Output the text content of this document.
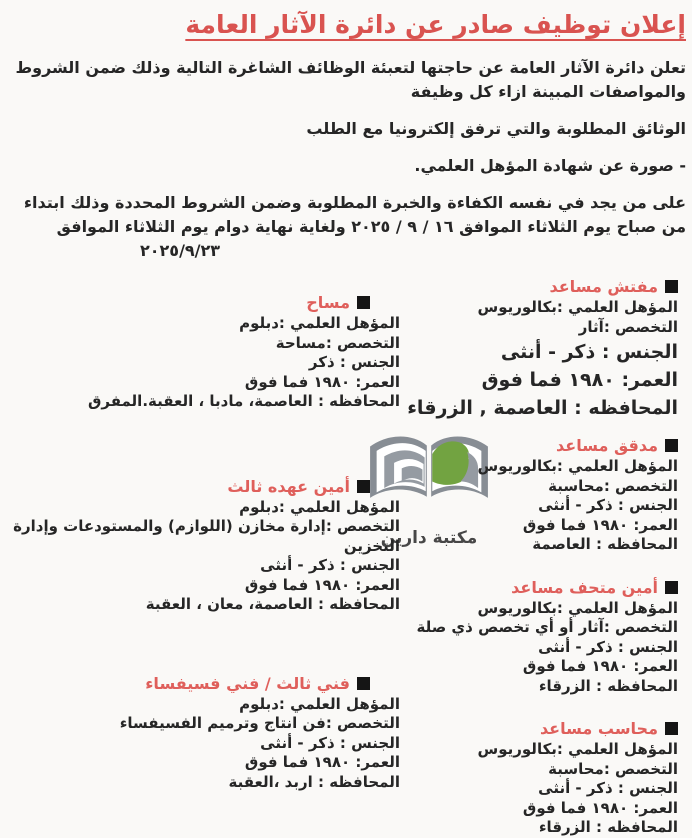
مكتبة دارين
إعلان توظيف صادر عن دائرة الآثار العامة
تعلن دائرة الآثار العامة عن حاجتها لتعبئة الوظائف الشاغرة التالية وذلك ضمن الشروط
والمواصفات المبينة ازاء كل وظيفة
الوثائق المطلوبة والتي ترفق إلكترونيا مع الطلب
- صورة عن شهادة المؤهل العلمي.
على من يجد في نفسه الكفاءة والخبرة المطلوبة وضمن الشروط المحددة وذلك ابتداء
من صباح يوم الثلاثاء الموافق ١٦ / ٩ / ٢٠٢٥ ولغاية نهاية دوام يوم الثلاثاء الموافق
٢٠٢٥/٩/٢٣
مفتش مساعد
المؤهل العلمي :بكالوريوس
التخصص :آثار
الجنس : ذكر - أنثى
العمر: ١٩٨٠ فما فوق
المحافظه : العاصمة , الزرقاء
مدقق مساعد
المؤهل العلمي :بكالوريوس
التخصص :محاسبة
الجنس : ذكر - أنثى
العمر: ١٩٨٠ فما فوق
المحافظه : العاصمة
أمين متحف مساعد
المؤهل العلمي :بكالوريوس
التخصص :آثار أو أي تخصص ذي صلة
الجنس : ذكر - أنثى
العمر: ١٩٨٠ فما فوق
المحافظه : الزرقاء
محاسب مساعد
المؤهل العلمي :بكالوريوس
التخصص :محاسبة
الجنس : ذكر - أنثى
العمر: ١٩٨٠ فما فوق
المحافظه : الزرقاء
مساح
المؤهل العلمي :دبلوم
التخصص :مساحة
الجنس : ذكر
العمر: ١٩٨٠ فما فوق
المحافظه : العاصمة، مادبا ، العقبة.المفرق
أمين عهده ثالث
المؤهل العلمي :دبلوم
التخصص :إدارة مخازن (اللوازم) والمستودعات وإدارة
التخزين
الجنس : ذكر - أنثى
العمر: ١٩٨٠ فما فوق
المحافظه : العاصمة، معان ، العقبة
فني ثالث / فني فسيفساء
المؤهل العلمي :دبلوم
التخصص :فن انتاج وترميم الفسيفساء
الجنس : ذكر - أنثى
العمر: ١٩٨٠ فما فوق
المحافظه : اربد ،العقبة
